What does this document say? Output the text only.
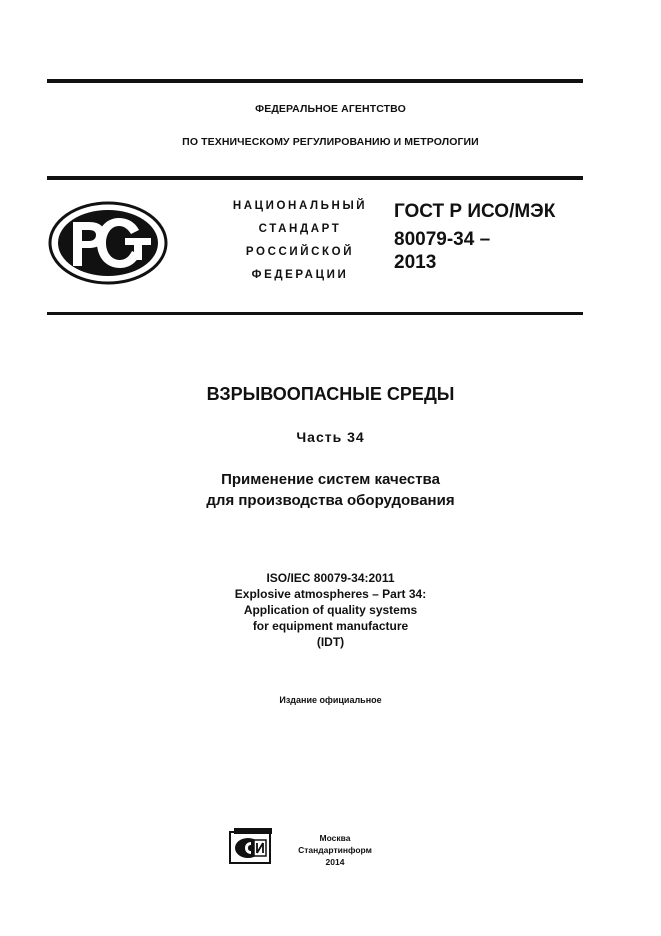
ФЕДЕРАЛЬНОЕ АГЕНТСТВО
ПО ТЕХНИЧЕСКОМУ РЕГУЛИРОВАНИЮ И МЕТРОЛОГИИ
НАЦИОНАЛЬНЫЙ
СТАНДАРТ
РОССИЙСКОЙ
ФЕДЕРАЦИИ
ГОСТ Р ИСО/МЭК
80079-34 –
2013
ВЗРЫВООПАСНЫЕ СРЕДЫ
Часть 34
Применение систем качества
для производства оборудования
ISO/IEC 80079-34:2011
Explosive atmospheres – Part 34:
Application of quality systems
for equipment manufacture
(IDT)
Издание официальное
Москва
Стандартинформ
2014
